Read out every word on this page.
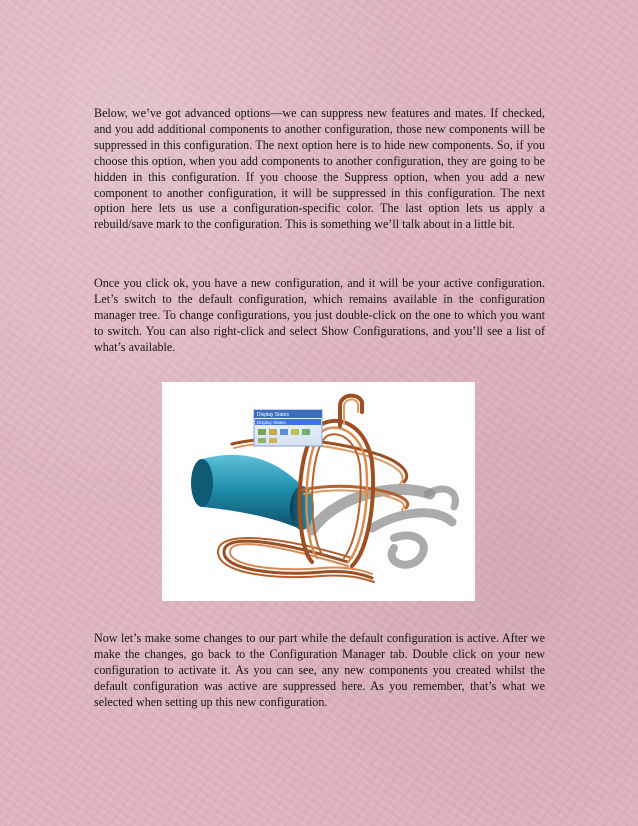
Below, we’ve got advanced options—we can suppress new features and mates. If checked, and you add additional components to another configuration, those new components will be suppressed in this configuration. The next option here is to hide new components. So, if you choose this option, when you add components to another configuration, they are going to be hidden in this configuration. If you choose the Suppress option, when you add a new component to another configuration, it will be suppressed in this configuration. The next option here lets us use a configuration-specific color. The last option lets us apply a rebuild/save mark to the configuration. This is something we’ll talk about in a little bit.

Once you click ok, you have a new configuration, and it will be your active configuration. Let’s switch to the default configuration, which remains available in the configuration manager tree. To change configurations, you just double-click on the one to which you want to switch. You can also right-click and select Show Configurations, and you’ll see a list of what’s available.

Display States
Display States

Now let’s make some changes to our part while the default configuration is active. After we make the changes, go back to the Configuration Manager tab. Double click on your new configuration to activate it. As you can see, any new components you created whilst the default configuration was active are suppressed here. As you remember, that’s what we selected when setting up this new configuration.
